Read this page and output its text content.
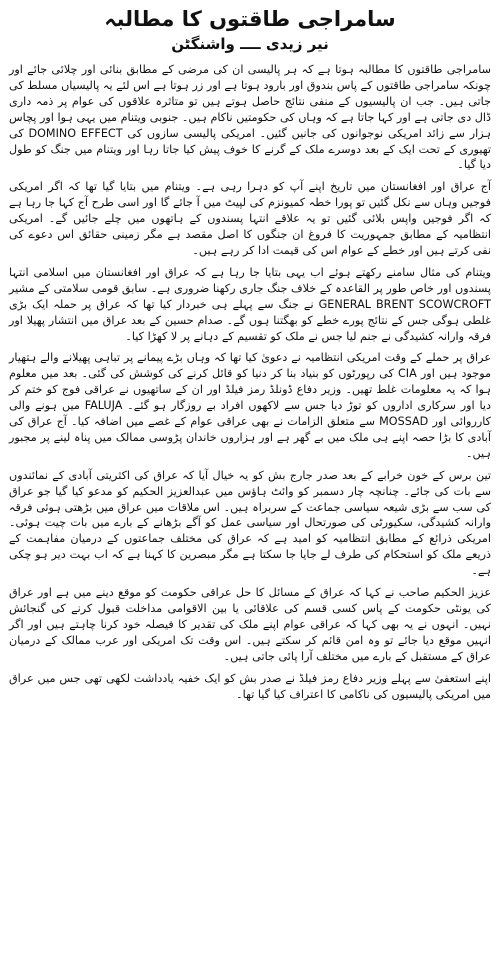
سامراجی طاقتوں کا مطالبہ
نیر زیدی ــــ واشنگٹن

سامراجی طاقتوں کا مطالبہ ہوتا ہے کہ ہر پالیسی ان کی مرضی کے مطابق بنائی اور چلائی جائے اور چونکہ سامراجی طاقتوں کے پاس بندوق اور بارود ہوتا ہے اور زر ہوتا ہے اس لئے یہ پالیسیاں مسلط کی جاتی ہیں۔ جب ان پالیسیوں کے منفی نتائج حاصل ہوتے ہیں تو متاثرہ علاقوں کی عوام پر ذمہ داری ڈال دی جاتی ہے اور کہا جاتا ہے کہ وہاں کی حکومتیں ناکام ہیں۔ جنوبی ویتنام میں یہی ہوا اور پچاس ہزار سے زائد امریکی نوجوانوں کی جانیں گئیں۔ امریکی پالیسی سازوں کی DOMINO EFFECT کی تھیوری کے تحت ایک کے بعد دوسرے ملک کے گرنے کا خوف پیش کیا جاتا رہا اور ویتنام میں جنگ کو طول دیا گیا۔

آج عراق اور افغانستان میں تاریخ اپنے آپ کو دہرا رہی ہے۔ ویتنام میں بتایا گیا تھا کہ اگر امریکی فوجیں وہاں سے نکل گئیں تو پورا خطہ کمیونزم کی لپیٹ میں آ جائے گا اور اسی طرح آج کہا جا رہا ہے کہ اگر فوجیں واپس بلائی گئیں تو یہ علاقے انتہا پسندوں کے ہاتھوں میں چلے جائیں گے۔ امریکی انتظامیہ کے مطابق جمہوریت کا فروغ ان جنگوں کا اصل مقصد ہے مگر زمینی حقائق اس دعوے کی نفی کرتے ہیں اور خطے کے عوام اس کی قیمت ادا کر رہے ہیں۔

ویتنام کی مثال سامنے رکھتے ہوئے اب یہی بتایا جا رہا ہے کہ عراق اور افغانستان میں اسلامی انتہا پسندوں اور خاص طور پر القاعدہ کے خلاف جنگ جاری رکھنا ضروری ہے۔ سابق قومی سلامتی کے مشیر GENERAL BRENT SCOWCROFT نے جنگ سے پہلے ہی خبردار کیا تھا کہ عراق پر حملہ ایک بڑی غلطی ہوگی جس کے نتائج پورے خطے کو بھگتنا ہوں گے۔ صدام حسین کے بعد عراق میں انتشار پھیلا اور فرقہ وارانہ کشیدگی نے جنم لیا جس نے ملک کو تقسیم کے دہانے پر لا کھڑا کیا۔

عراق پر حملے کے وقت امریکی انتظامیہ نے دعویٰ کیا تھا کہ وہاں بڑے پیمانے پر تباہی پھیلانے والے ہتھیار موجود ہیں اور CIA کی رپورٹوں کو بنیاد بنا کر دنیا کو قائل کرنے کی کوشش کی گئی۔ بعد میں معلوم ہوا کہ یہ معلومات غلط تھیں۔ وزیر دفاع ڈونلڈ رمز فیلڈ اور ان کے ساتھیوں نے عراقی فوج کو ختم کر دیا اور سرکاری اداروں کو توڑ دیا جس سے لاکھوں افراد بے روزگار ہو گئے۔ FALUJA میں ہونے والی کارروائی اور MOSSAD سے متعلق الزامات نے بھی عراقی عوام کے غصے میں اضافہ کیا۔ آج عراق کی آبادی کا بڑا حصہ اپنے ہی ملک میں بے گھر ہے اور ہزاروں خاندان پڑوسی ممالک میں پناہ لینے پر مجبور ہیں۔

تین برس کے خون خرابے کے بعد صدر جارج بش کو یہ خیال آیا کہ عراق کی اکثریتی آبادی کے نمائندوں سے بات کی جائے۔ چنانچہ چار دسمبر کو وائٹ ہاؤس میں عبدالعزیز الحکیم کو مدعو کیا گیا جو عراق کی سب سے بڑی شیعہ سیاسی جماعت کے سربراہ ہیں۔ اس ملاقات میں عراق میں بڑھتی ہوئی فرقہ وارانہ کشیدگی، سکیورٹی کی صورتحال اور سیاسی عمل کو آگے بڑھانے کے بارے میں بات چیت ہوئی۔ امریکی ذرائع کے مطابق انتظامیہ کو امید ہے کہ عراق کی مختلف جماعتوں کے درمیان مفاہمت کے ذریعے ملک کو استحکام کی طرف لے جایا جا سکتا ہے مگر مبصرین کا کہنا ہے کہ اب بہت دیر ہو چکی ہے۔

عزیز الحکیم صاحب نے کہا کہ عراق کے مسائل کا حل عراقی حکومت کو موقع دینے میں ہے اور عراق کی یونٹی حکومت کے پاس کسی قسم کی علاقائی یا بین الاقوامی مداخلت قبول کرنے کی گنجائش نہیں۔ انہوں نے یہ بھی کہا کہ عراقی عوام اپنے ملک کی تقدیر کا فیصلہ خود کرنا چاہتے ہیں اور اگر انہیں موقع دیا جائے تو وہ امن قائم کر سکتے ہیں۔ اس وقت تک امریکی اور عرب ممالک کے درمیان عراق کے مستقبل کے بارے میں مختلف آرا پائی جاتی ہیں۔

اپنے استعفیٰ سے پہلے وزیر دفاع رمز فیلڈ نے صدر بش کو ایک خفیہ یادداشت لکھی تھی جس میں عراق میں امریکی پالیسیوں کی ناکامی کا اعتراف کیا گیا تھا۔
